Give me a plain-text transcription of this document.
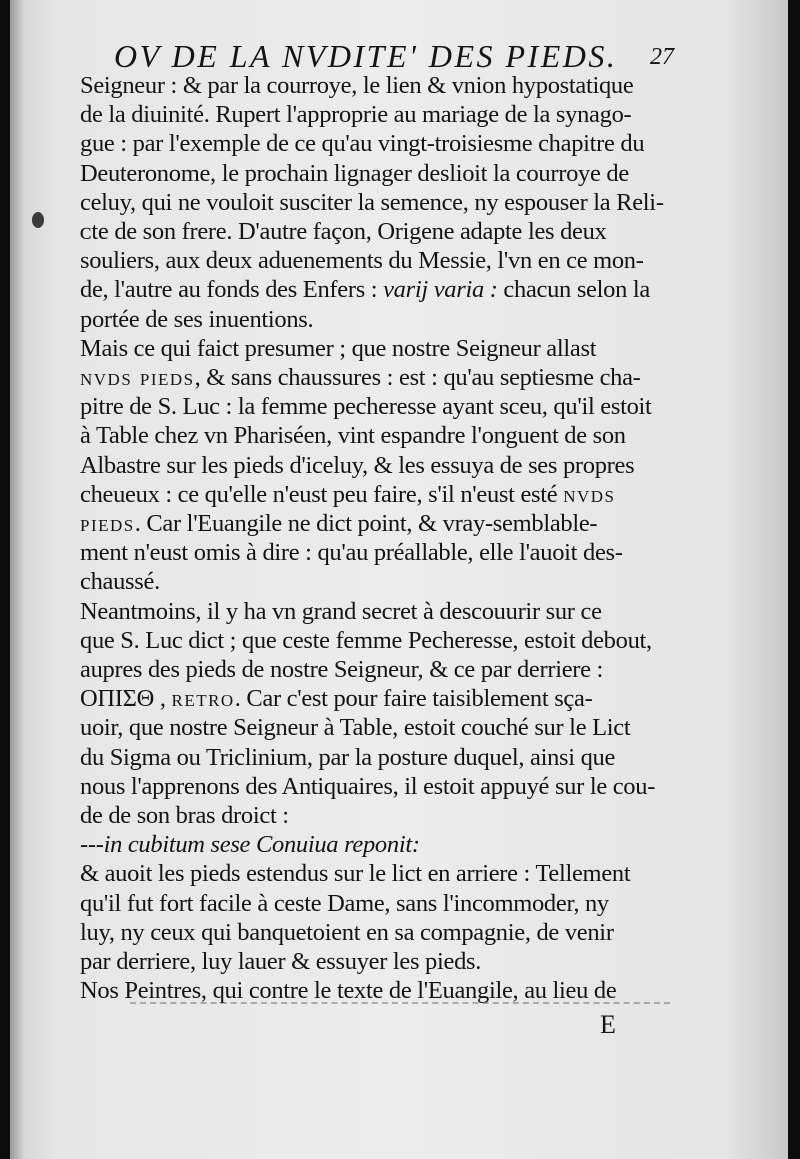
OV DE LA NVDITE' DES PIEDS. 27
Seigneur : & par la courroye, le lien & vnion hypostatique
de la diuinité. Rupert l'approprie au mariage de la synago-
gue : par l'exemple de ce qu'au vingt-troisiesme chapitre du
Deuteronome, le prochain lignager deslioit la courroye de
celuy, qui ne vouloit susciter la semence, ny espouser la Reli-
ᴄte de son frere. D'autre façon, Origene adapte les deux
souliers, aux deux aduenements du Messie, l'vn en ce mon-
de, l'autre au fonds des Enfers : varij varia : chacun selon la
portée de ses inuentions.
Mais ce qui faict presumer ; que nostre Seigneur allast
nvds pieds, & sans chaussures : est : qu'au septiesme cha-
pitre de S. Luc : la femme pecheresse ayant sceu, qu'il estoit
à Table chez vn Phariséen, vint espandre l'onguent de son
Albastre sur les pieds d'iceluy, & les essuya de ses propres
cheueux : ce qu'elle n'eust peu faire, s'il n'eust esté nvds
pieds. Car l'Euangile ne dict point, & vray-semblable-
ment n'eust omis à dire : qu'au préallable, elle l'auoit des-
chaussé.
Neantmoins, il y ha vn grand secret à descouurir sur ce
que S. Luc dict ; que ceste femme Pecheresse, estoit debout,
aupres des pieds de nostre Seigneur, & ce par derriere :
ΟΠΙΣΘ , retro. Car c'est pour faire taisiblement sça-
uoir, que nostre Seigneur à Table, estoit couché sur le Lict
du Sigma ou Triclinium, par la posture duquel, ainsi que
nous l'apprenons des Antiquaires, il estoit appuyé sur le cou-
de de son bras droict :
---in cubitum sese Conuiua reponit:
& auoit les pieds estendus sur le lict en arriere : Tellement
qu'il fut fort facile à ceste Dame, sans l'incommoder, ny
luy, ny ceux qui banquetoient en sa compagnie, de venir
par derriere, luy lauer & essuyer les pieds.
Nos Peintres, qui contre le texte de l'Euangile, au lieu de
E
